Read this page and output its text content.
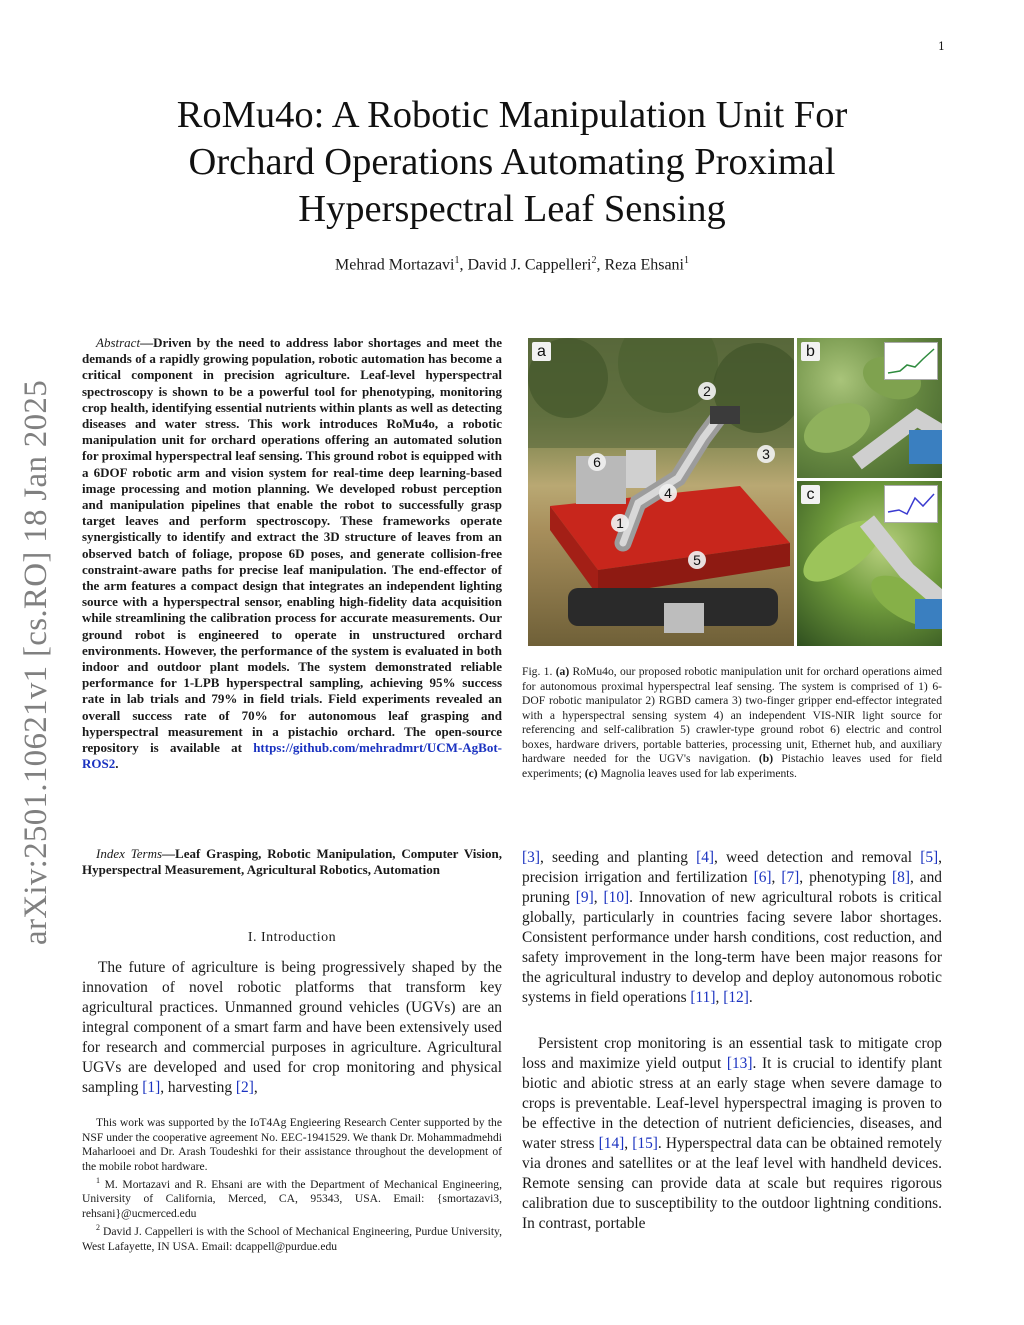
1
arXiv:2501.10621v1 [cs.RO] 18 Jan 2025
RoMu4o: A Robotic Manipulation Unit For Orchard Operations Automating Proximal Hyperspectral Leaf Sensing
Mehrad Mortazavi$^1$, David J. Cappelleri$^2$, Reza Ehsani$^1$
Abstract—Driven by the need to address labor shortages and meet the demands of a rapidly growing population, robotic automation has become a critical component in precision agriculture. Leaf-level hyperspectral spectroscopy is shown to be a powerful tool for phenotyping, monitoring crop health, identifying essential nutrients within plants as well as detecting diseases and water stress. This work introduces RoMu4o, a robotic manipulation unit for orchard operations offering an automated solution for proximal hyperspectral leaf sensing. This ground robot is equipped with a 6DOF robotic arm and vision system for real-time deep learning-based image processing and motion planning. We developed robust perception and manipulation pipelines that enable the robot to successfully grasp target leaves and perform spectroscopy. These frameworks operate synergistically to identify and extract the 3D structure of leaves from an observed batch of foliage, propose 6D poses, and generate collision-free constraint-aware paths for precise leaf manipulation. The end-effector of the arm features a compact design that integrates an independent lighting source with a hyperspectral sensor, enabling high-fidelity data acquisition while streamlining the calibration process for accurate measurements. Our ground robot is engineered to operate in unstructured orchard environments. However, the performance of the system is evaluated in both indoor and outdoor plant models. The system demonstrated reliable performance for 1-LPB hyperspectral sampling, achieving 95% success rate in lab trials and 79% in field trials. Field experiments revealed an overall success rate of 70% for autonomous leaf grasping and hyperspectral measurement in a pistachio orchard. The open-source repository is available at https://github.com/mehradmrt/UCM-AgBot-ROS2.
Index Terms—Leaf Grasping, Robotic Manipulation, Computer Vision, Hyperspectral Measurement, Agricultural Robotics, Automation
I. Introduction

The future of agriculture is being progressively shaped by the innovation of novel robotic platforms that transform key agricultural practices. Unmanned ground vehicles (UGVs) are an integral component of a smart farm and have been extensively used for research and commercial purposes in agriculture. Agricultural UGVs are developed and used for crop monitoring and physical sampling [1], harvesting [2],

This work was supported by the IoT4Ag Engieering Research Center supported by the NSF under the cooperative agreement No. EEC-1941529. We thank Dr. Mohammadmehdi Maharlooei and Dr. Arash Toudeshki for their assistance throughout the development of the mobile robot hardware.

$^1$ M. Mortazavi and R. Ehsani are with the Department of Mechanical Engineering, University of California, Merced, CA, 95343, USA. Email: {smortazavi3, rehsani}@ucmerced.edu

$^2$ David J. Cappelleri is with the School of Mechanical Engineering, Purdue University, West Lafayette, IN USA. Email: dcappell@purdue.edu

a
2
3
6
4
1
5
b
c
Fig. 1. (a) RoMu4o, our proposed robotic manipulation unit for orchard operations aimed for autonomous proximal hyperspectral leaf sensing. The system is comprised of 1) 6-DOF robotic manipulator 2) RGBD camera 3) two-finger gripper end-effector integrated with a hyperspectral sensing system 4) an independent VIS-NIR light source for referencing and self-calibration 5) crawler-type ground robot 6) electric and control boxes, hardware drivers, portable batteries, processing unit, Ethernet hub, and auxiliary hardware needed for the UGV's navigation. (b) Pistachio leaves used for field experiments; (c) Magnolia leaves used for lab experiments.

[3], seeding and planting [4], weed detection and removal [5], precision irrigation and fertilization [6], [7], phenotyping [8], and pruning [9], [10]. Innovation of new agricultural robots is critical globally, particularly in countries facing severe labor shortages. Consistent performance under harsh conditions, cost reduction, and safety improvement in the long-term have been major reasons for the agricultural industry to develop and deploy autonomous robotic systems in field operations [11], [12].

Persistent crop monitoring is an essential task to mitigate crop loss and maximize yield output [13]. It is crucial to identify plant biotic and abiotic stress at an early stage when severe damage to crops is preventable. Leaf-level hyperspectral imaging is proven to be effective in the detection of nutrient deficiencies, diseases, and water stress [14], [15]. Hyperspectral data can be obtained remotely via drones and satellites or at the leaf level with handheld devices. Remote sensing can provide data at scale but requires rigorous calibration due to susceptibility to the outdoor lightning conditions. In contrast, portable
